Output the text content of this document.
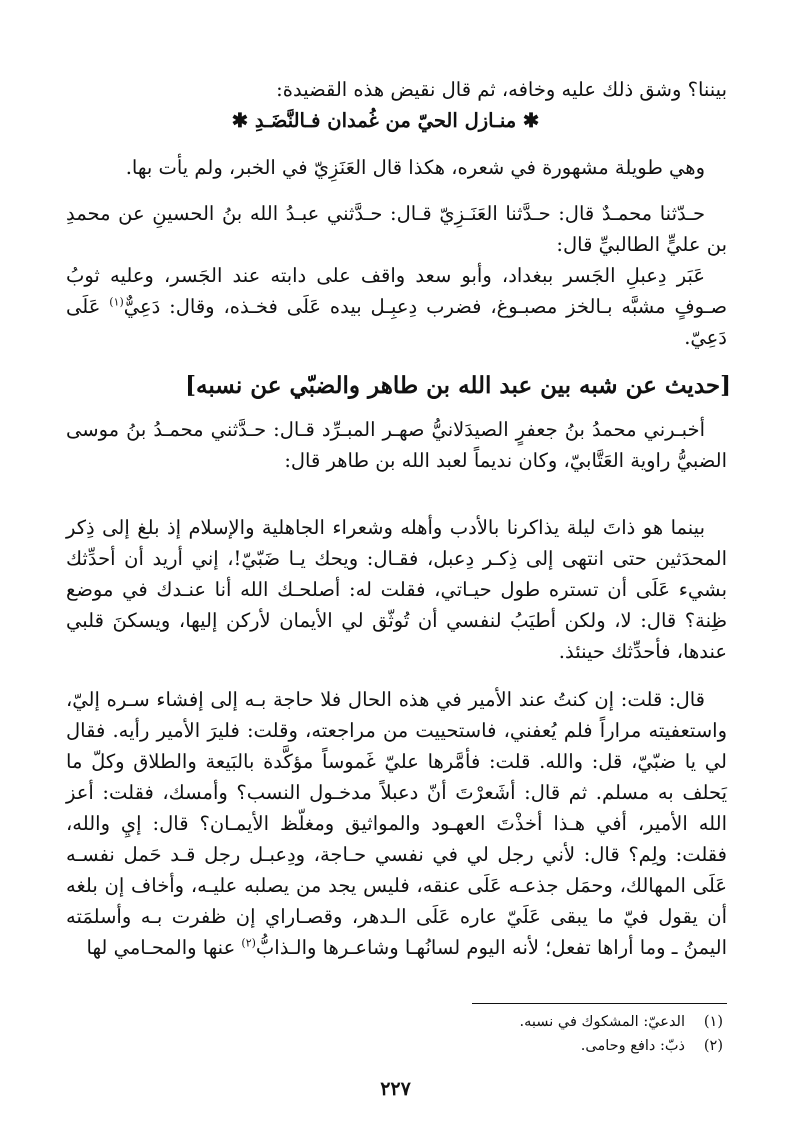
بيننا؟ وشق ذلك عليه وخافه، ثم قال نقيض هذه القضيدة:
✱ منـازل الحيّ من غُمدان فـالنَّضَـدِ ✱
وهي طويلة مشهورة في شعره، هكذا قال العَنَزِيّ في الخبر، ولم يأت بها.
حـدّثنا محمـدٌ قال: حـدَّثنا العَنَـزِيّ قـال: حـدَّثني عبـدُ الله بنُ الحسينِ عن محمدِ بن عليٍّ الطالبيِّ قال:
عَبَر دِعبلِ الجَسر ببغداد، وأبو سعد واقف على دابته عند الجَسر، وعليه ثوبُ صـوفٍ مشبَّه بـالخز مصبـوغ، فضرب دِعبِـل بيده عَلَى فخـذه، وقال: دَعِيٌّ$^{(١)}$ عَلَى دَعِيّ.
[حديث عن شبه بين عبد الله بن طاهر والضبّي عن نسبه]
أخبـرني محمدُ بنُ جعفرٍ الصيدَلانيُّ صهـر المبـرِّد قـال: حـدَّثني محمـدُ بنُ موسى الضبيُّ راوية العَتَّابيّ، وكان نديماً لعبد الله بن طاهر قال:
بينما هو ذاتَ ليلة يذاكرنا بالأدب وأهله وشعراء الجاهلية والإسلام إذ بلغ إلى ذِكر المحدَثين حتى انتهى إلى ذِكـر دِعبل، فقـال: ويحك يـا ضَبّيّ!، إني أريد أن أحدِّثك بشيء عَلَى أن تستره طول حيـاتي، فقلت له: أصلحـك الله أنا عنـدك في موضع ظِنة؟ قال: لا، ولكن أطيَبُ لنفسي أن تُوثّق لي الأيمان لأركن إليها، ويسكنَ قلبي عندها، فأحدِّثك حينئذ.
قال: قلت: إن كنتُ عند الأمير في هذه الحال فلا حاجة بـه إلى إفشاء سـره إليّ، واستعفيته مراراً فلم يُعفني، فاستحييت من مراجعته، وقلت: فليرَ الأمير رأيه. فقال لي يا ضبّيّ، قل: والله. قلت: فأمَّرها عليّ غَموساً مؤكَّدة بالبَيعة والطلاق وكلّ ما يَحلف به مسلم. ثم قال: أشَعرْتَ أنّ دعبلاً مدخـول النسب؟ وأمسك، فقلت: أعز الله الأمير، أفي هـذا أخذْتَ العهـود والمواثيق ومغلّظ الأيمـان؟ قال: إيِ والله، فقلت: ولِم؟ قال: لأني رجل لي في نفسي حـاجة، ودِعبـل رجل قـد حَمل نفسـه عَلَى المهالك، وحمَل جذعـه عَلَى عنقه، فليس يجد من يصلبه عليـه، وأخاف إن بلغه أن يقول فيّ ما يبقى عَلَيّ عاره عَلَى الـدهر، وقصـاراي إن ظفرت بـه وأسلمَته اليمنُ ـ وما أراها تفعل؛ لأنه اليوم لسانُهـا وشاعـرها والـذابُّ$^{(٢)}$ عنها والمحـامي لها
(١)
الدعيّ: المشكوك في نسبه.
(٢)
ذبّ: دافع وحامى.
٢٢٧
